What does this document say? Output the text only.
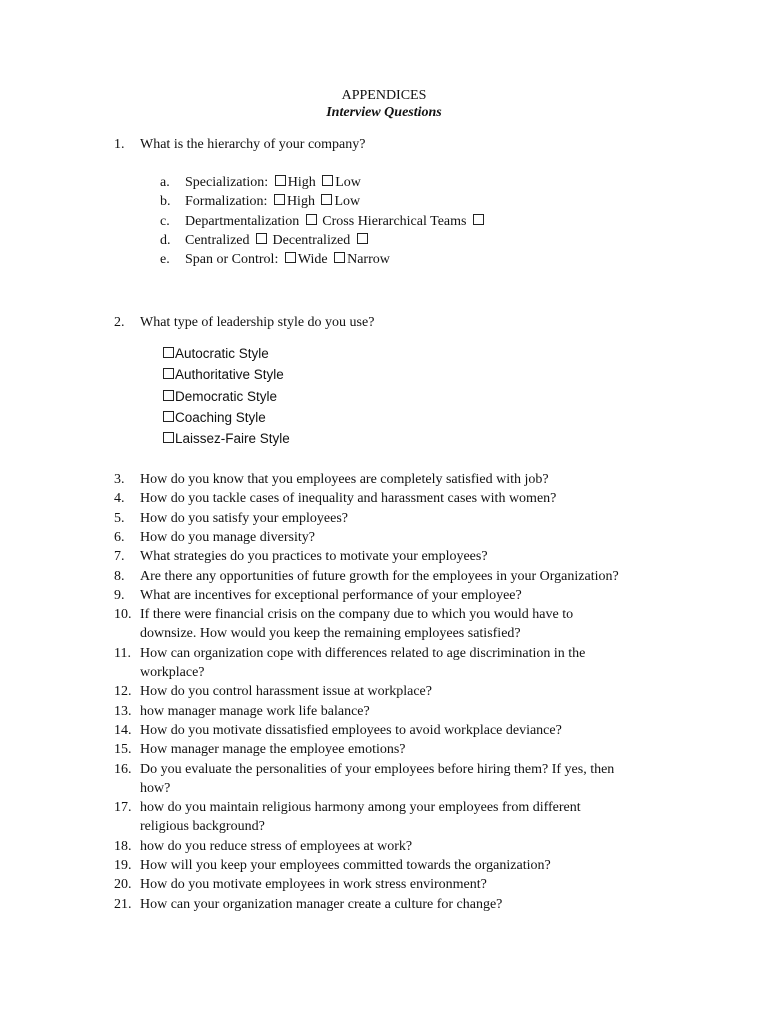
APPENDICES
Interview Questions
1.	What is the hierarchy of your company?
a.	Specialization: High Low
b.	Formalization: High Low
c.	Departmentalization  Cross Hierarchical Teams
d.	Centralized  Decentralized
e.	Span or Control: Wide Narrow
2.	What type of leadership style do you use?
Autocratic Style
Authoritative Style
Democratic Style
Coaching Style
Laissez-Faire Style
3.	How do you know that you employees are completely satisfied with job?
4.	How do you tackle cases of inequality and harassment cases with women?
5.	How do you satisfy your employees?
6.	How do you manage diversity?
7.	What strategies do you practices to motivate your employees?
8.	Are there any opportunities of future growth for the employees in your Organization?
9.	What are incentives for exceptional performance of your employee?
10. If there were financial crisis on the company due to which you would have to
downsize. How would you keep the remaining employees satisfied?
11. How can organization cope with differences related to age discrimination in the
workplace?
12. How do you control harassment issue at workplace?
13. how manager manage work life balance?
14. How do you motivate dissatisfied employees to avoid workplace deviance?
15. How manager manage the employee emotions?
16. Do you evaluate the personalities of your employees before hiring them? If yes, then
how?
17. how do you maintain religious harmony among your employees from different
religious background?
18. how do you reduce stress of employees at work?
19. How will you keep your employees committed towards the organization?
20. How do you motivate employees in work stress environment?
21. How can your organization manager create a culture for change?
